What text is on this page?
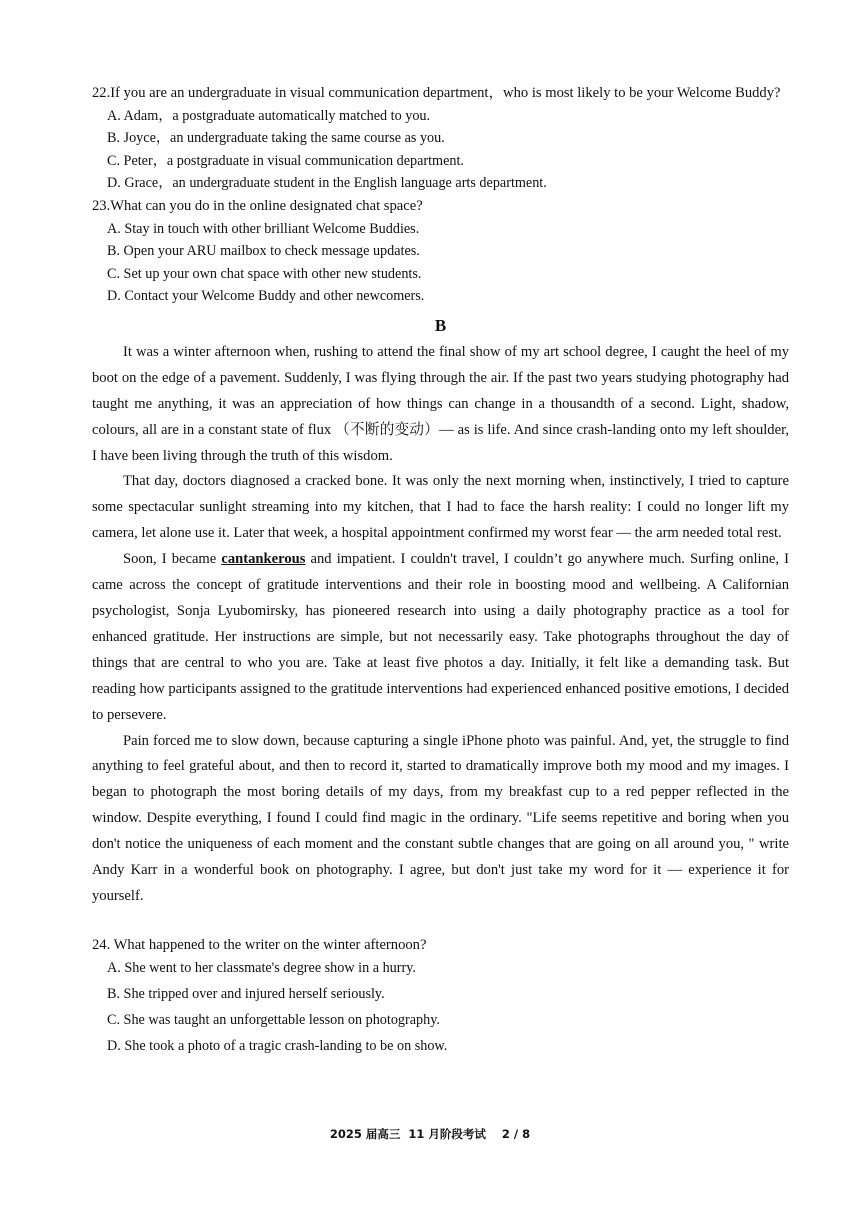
22.If you are an undergraduate in visual communication department，who is most likely to be your Welcome Buddy?
A. Adam，a postgraduate automatically matched to you.
B. Joyce，an undergraduate taking the same course as you.
C. Peter，a postgraduate in visual communication department.
D. Grace，an undergraduate student in the English language arts department.
23.What can you do in the online designated chat space?
A. Stay in touch with other brilliant Welcome Buddies.
B. Open your ARU mailbox to check message updates.
C. Set up your own chat space with other new students.
D. Contact your Welcome Buddy and other newcomers.
B

It was a winter afternoon when, rushing to attend the final show of my art school degree, I caught the heel of my boot on the edge of a pavement. Suddenly, I was flying through the air. If the past two years studying photography had taught me anything, it was an appreciation of how things can change in a thousandth of a second. Light, shadow, colours, all are in a constant state of flux （不断的变动）— as is life. And since crash-landing onto my left shoulder, I have been living through the truth of this wisdom.

That day, doctors diagnosed a cracked bone. It was only the next morning when, instinctively, I tried to capture some spectacular sunlight streaming into my kitchen, that I had to face the harsh reality: I could no longer lift my camera, let alone use it. Later that week, a hospital appointment confirmed my worst fear — the arm needed total rest.

Soon, I became cantankerous and impatient. I couldn't travel, I couldn’t go anywhere much. Surfing online, I came across the concept of gratitude interventions and their role in boosting mood and wellbeing. A Californian psychologist, Sonja Lyubomirsky, has pioneered research into using a daily photography practice as a tool for enhanced gratitude. Her instructions are simple, but not necessarily easy. Take photographs throughout the day of things that are central to who you are. Take at least five photos a day. Initially, it felt like a demanding task. But reading how participants assigned to the gratitude interventions had experienced enhanced positive emotions, I decided to persevere.

Pain forced me to slow down, because capturing a single iPhone photo was painful. And, yet, the struggle to find anything to feel grateful about, and then to record it, started to dramatically improve both my mood and my images. I began to photograph the most boring details of my days, from my breakfast cup to a red pepper reflected in the window. Despite everything, I found I could find magic in the ordinary. "Life seems repetitive and boring when you don't notice the uniqueness of each moment and the constant subtle changes that are going on all around you, " write Andy Karr in a wonderful book on photography. I agree, but don't just take my word for it — experience it for yourself.

24. What happened to the writer on the winter afternoon?
A. She went to her classmate's degree show in a hurry.
B. She tripped over and injured herself seriously.
C. She was taught an unforgettable lesson on photography.
D. She took a photo of a tragic crash-landing to be on show.
2025 届高三  11 月阶段考试 2 / 8
